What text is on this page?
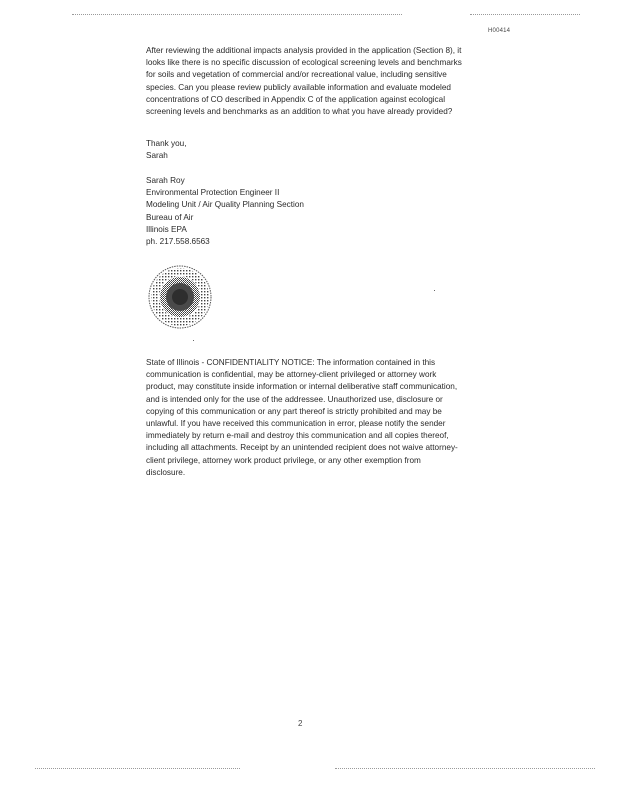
H00414
After reviewing the additional impacts analysis provided in the application (Section 8), it
looks like there is no specific discussion of ecological screening levels and benchmarks
for soils and vegetation of commercial and/or recreational value, including sensitive
species. Can you please review publicly available information and evaluate modeled
concentrations of CO described in Appendix C of the application against ecological
screening levels and benchmarks as an addition to what you have already provided?
Thank you,
Sarah
Sarah Roy
Environmental Protection Engineer II
Modeling Unit / Air Quality Planning Section
Bureau of Air
Illinois EPA
ph. 217.558.6563
State of Illinois - CONFIDENTIALITY NOTICE: The information contained in this
communication is confidential, may be attorney-client privileged or attorney work
product, may constitute inside information or internal deliberative staff communication,
and is intended only for the use of the addressee. Unauthorized use, disclosure or
copying of this communication or any part thereof is strictly prohibited and may be
unlawful. If you have received this communication in error, please notify the sender
immediately by return e-mail and destroy this communication and all copies thereof,
including all attachments. Receipt by an unintended recipient does not waive attorney-
client privilege, attorney work product privilege, or any other exemption from
disclosure.
2
